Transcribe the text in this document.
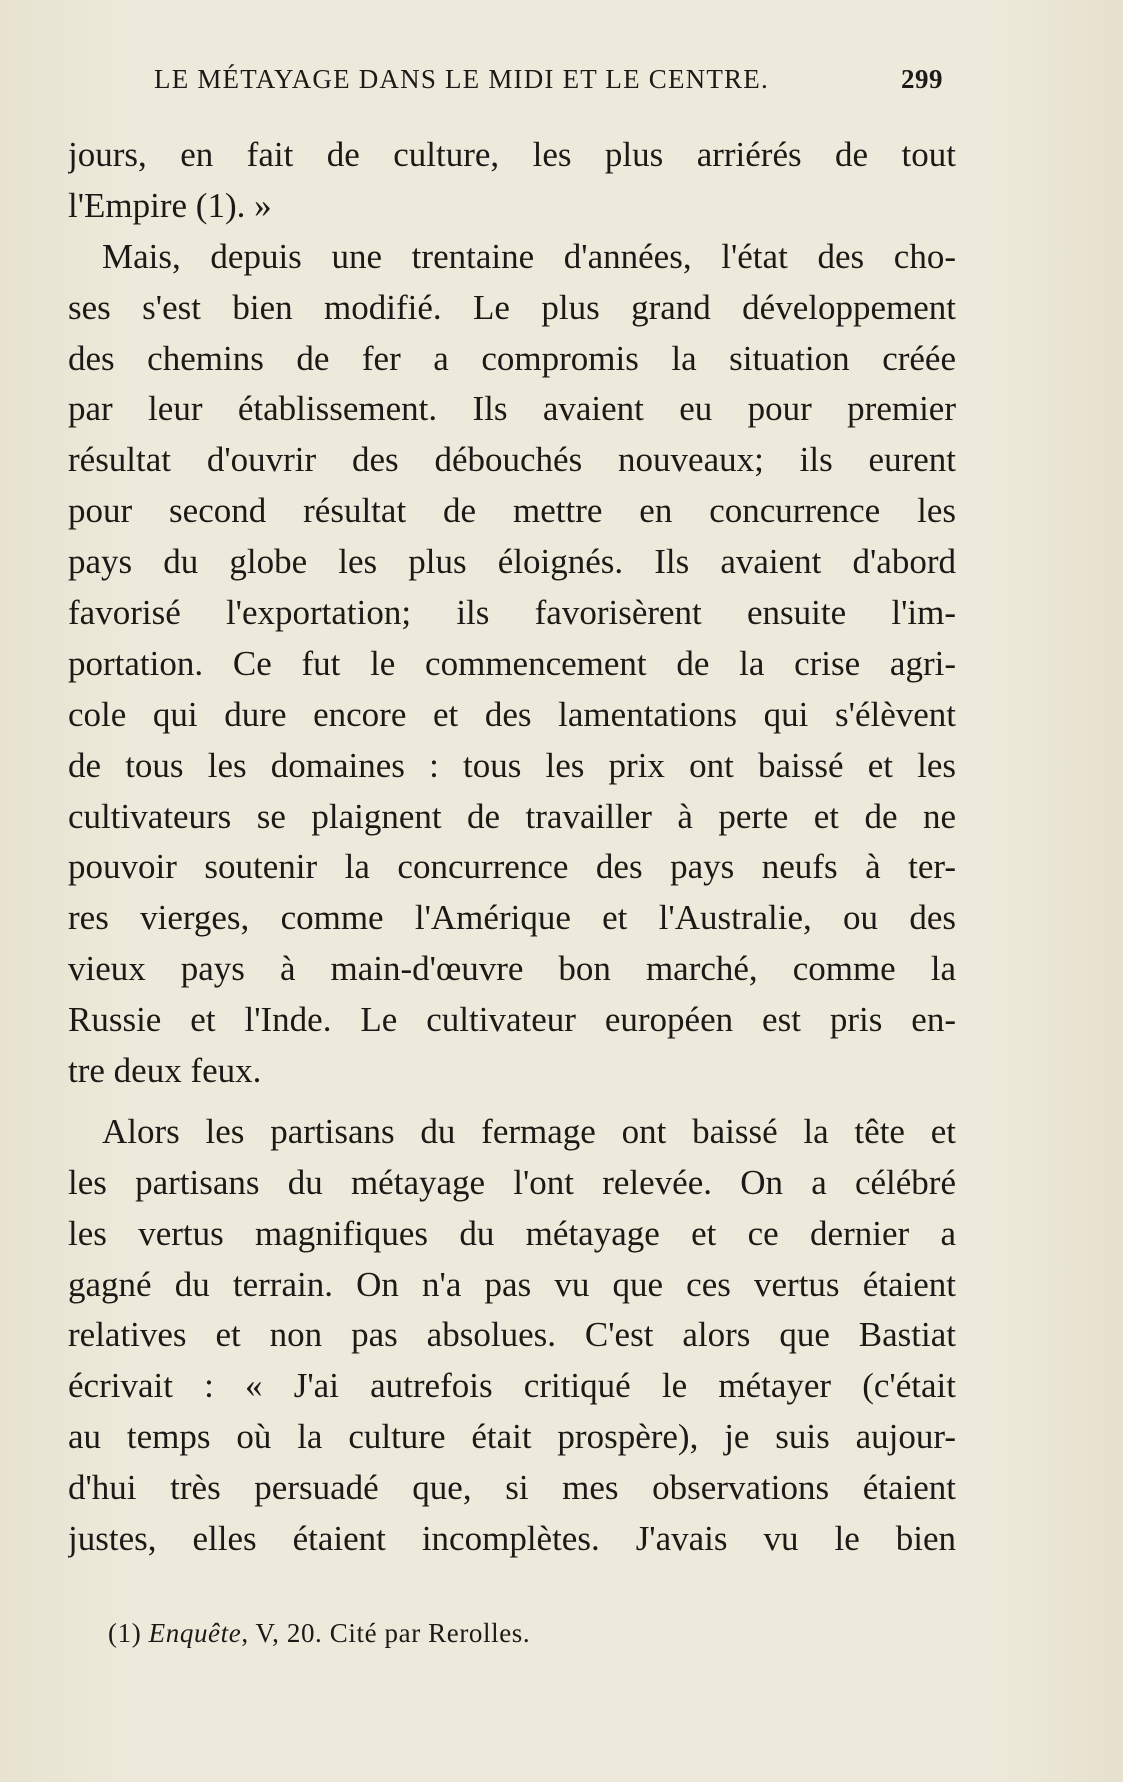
LE MÉTAYAGE DANS LE MIDI ET LE CENTRE.	299
jours, en fait de culture, les plus arriérés de tout
l'Empire (1). »
Mais, depuis une trentaine d'années, l'état des cho-
ses s'est bien modifié. Le plus grand développement
des chemins de fer a compromis la situation créée
par leur établissement. Ils avaient eu pour premier
résultat d'ouvrir des débouchés nouveaux; ils eurent
pour second résultat de mettre en concurrence les
pays du globe les plus éloignés. Ils avaient d'abord
favorisé l'exportation; ils favorisèrent ensuite l'im-
portation. Ce fut le commencement de la crise agri-
cole qui dure encore et des lamentations qui s'élèvent
de tous les domaines : tous les prix ont baissé et les
cultivateurs se plaignent de travailler à perte et de ne
pouvoir soutenir la concurrence des pays neufs à ter-
res vierges, comme l'Amérique et l'Australie, ou des
vieux pays à main-d'œuvre bon marché, comme la
Russie et l'Inde. Le cultivateur européen est pris en-
tre deux feux.
Alors les partisans du fermage ont baissé la tête et
les partisans du métayage l'ont relevée. On a célébré
les vertus magnifiques du métayage et ce dernier a
gagné du terrain. On n'a pas vu que ces vertus étaient
relatives et non pas absolues. C'est alors que Bastiat
écrivait : « J'ai autrefois critiqué le métayer (c'était
au temps où la culture était prospère), je suis aujour-
d'hui très persuadé que, si mes observations étaient
justes, elles étaient incomplètes. J'avais vu le bien
(1) Enquête, V, 20. Cité par Rerolles.
